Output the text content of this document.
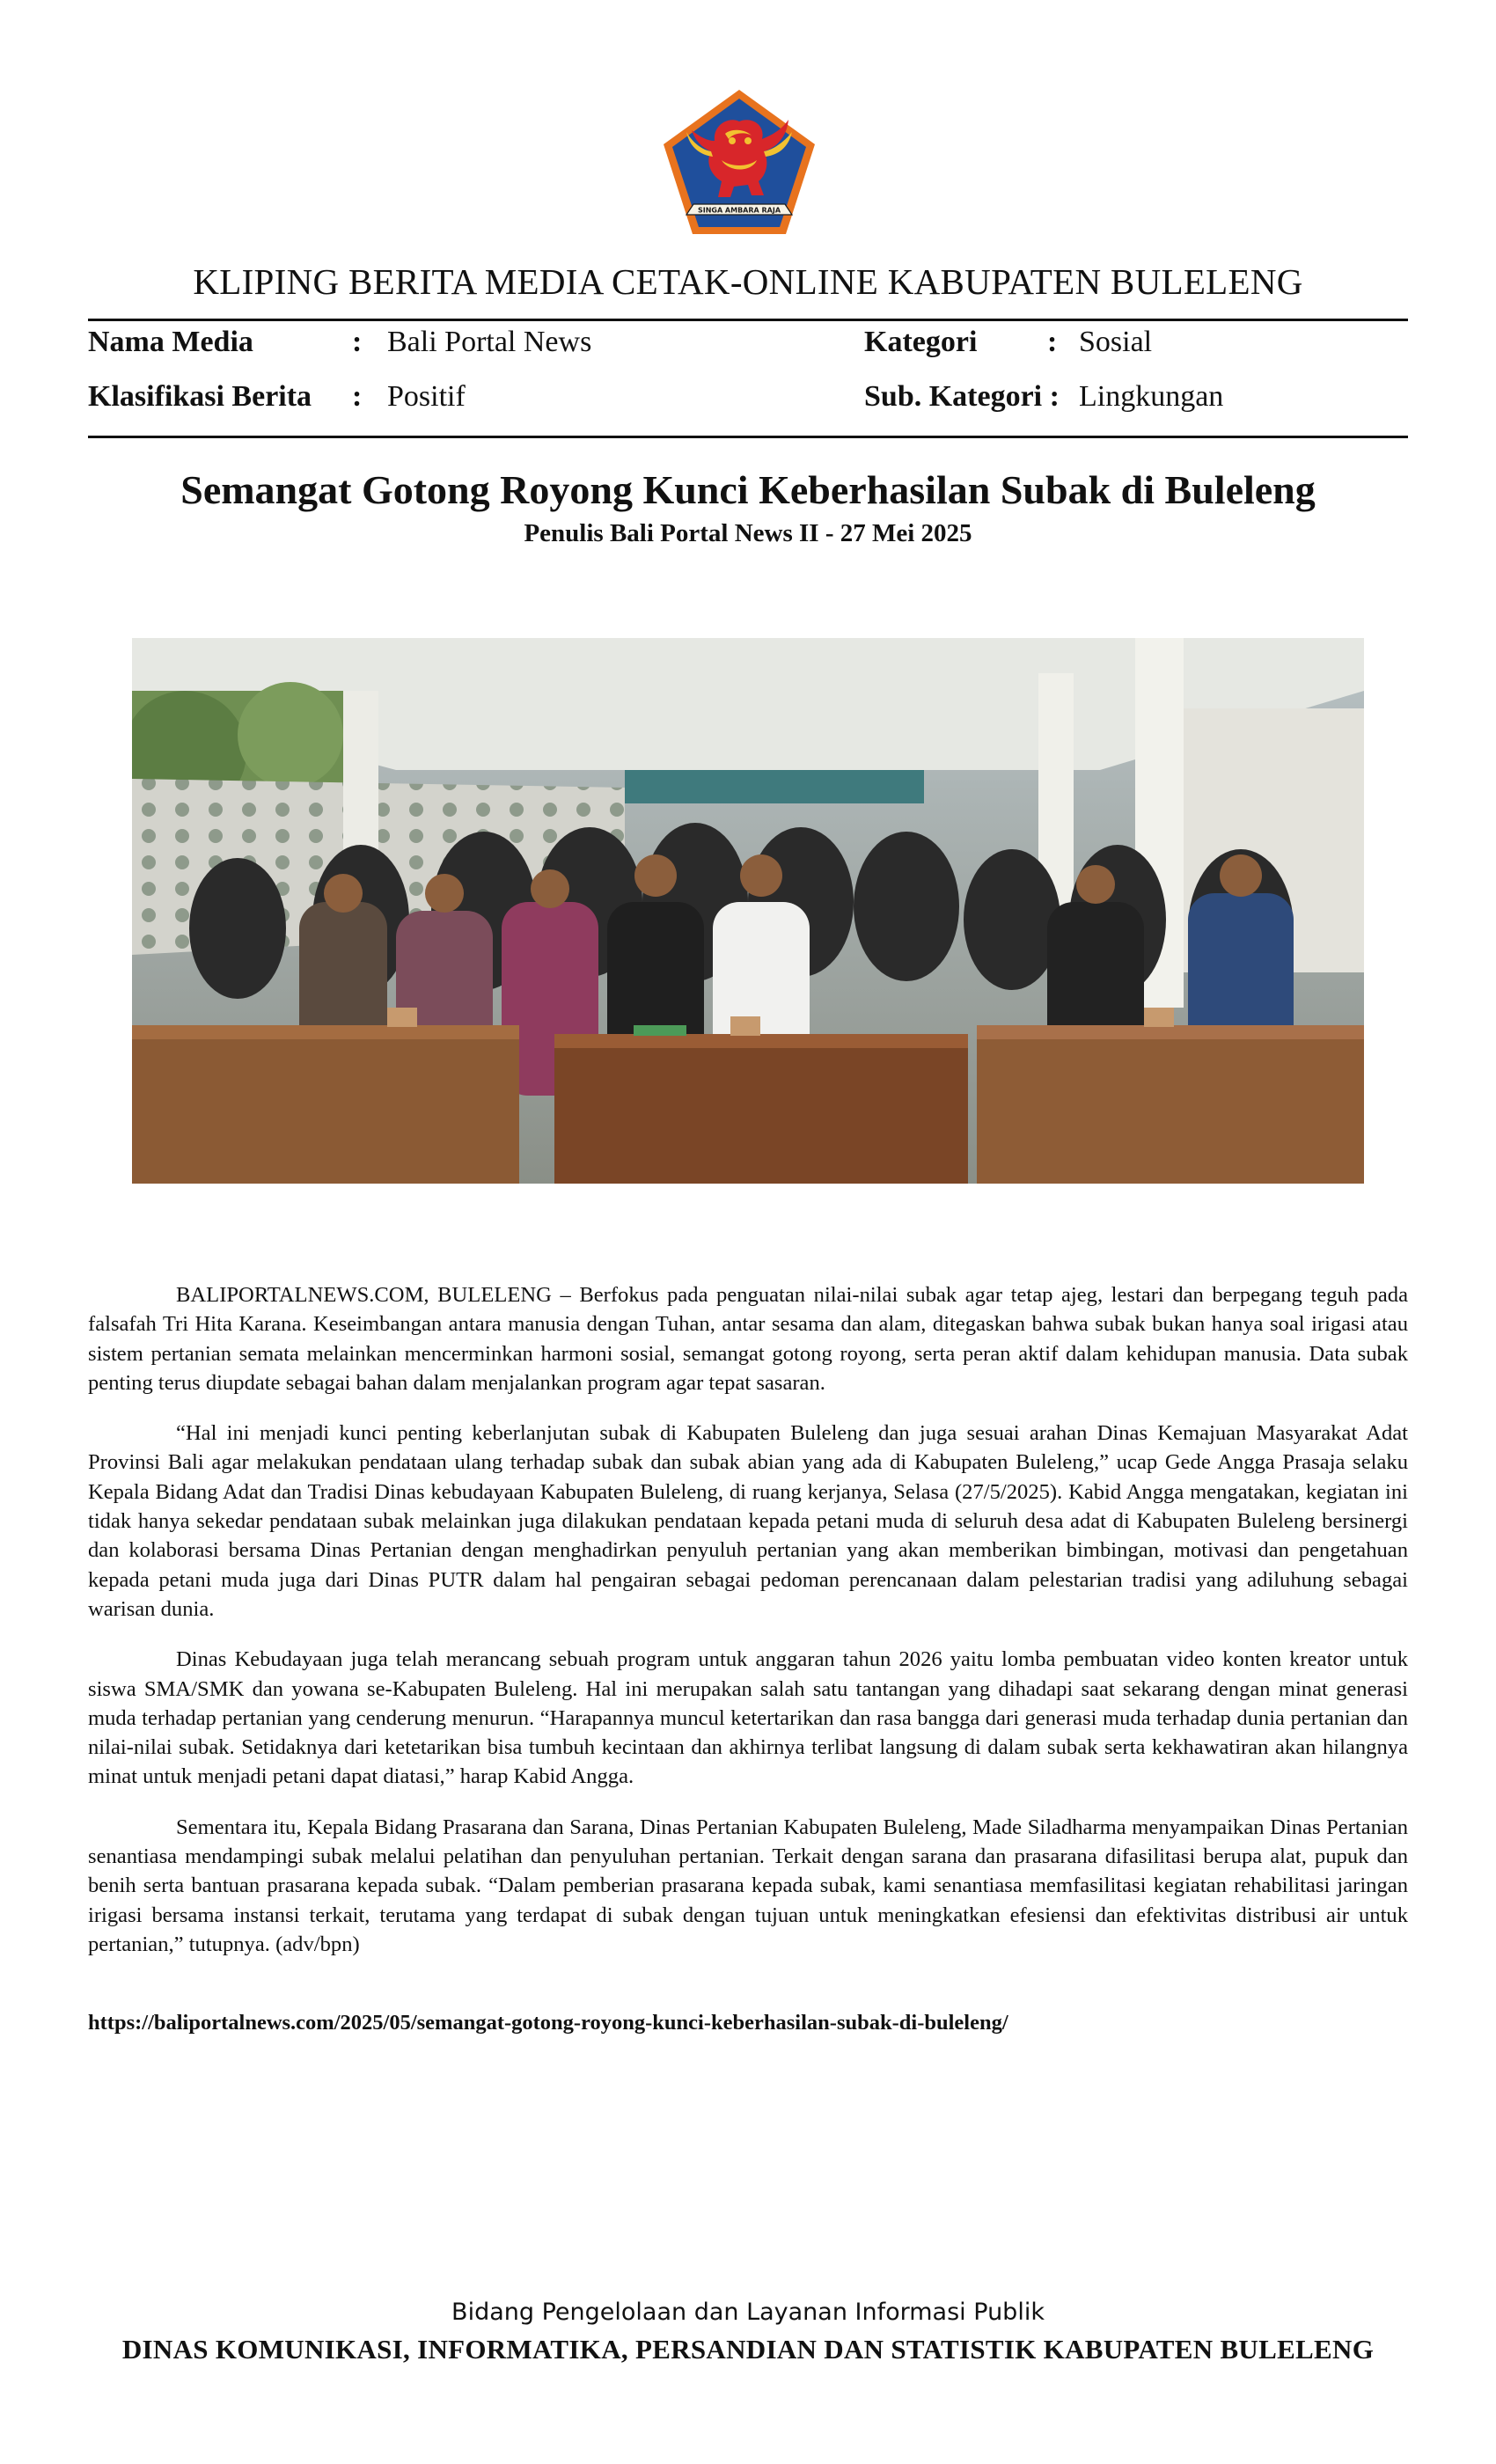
SINGA AMBARA RAJA
KLIPING BERITA MEDIA CETAK-ONLINE KABUPATEN BULELENG
Nama Media	: Bali Portal News	Kategori : Sosial
Klasifikasi Berita : Positif	Sub. Kategori : Lingkungan
Semangat Gotong Royong Kunci Keberhasilan Subak di Buleleng
Penulis Bali Portal News II - 27 Mei 2025

BALIPORTALNEWS.COM, BULELENG – Berfokus pada penguatan nilai-nilai subak agar tetap ajeg, lestari dan berpegang teguh pada falsafah Tri Hita Karana. Keseimbangan antara manusia dengan Tuhan, antar sesama dan alam, ditegaskan bahwa subak bukan hanya soal irigasi atau sistem pertanian semata melainkan mencerminkan harmoni sosial, semangat gotong royong, serta peran aktif dalam kehidupan manusia. Data subak penting terus diupdate sebagai bahan dalam menjalankan program agar tepat sasaran.

“Hal ini menjadi kunci penting keberlanjutan subak di Kabupaten Buleleng dan juga sesuai arahan Dinas Kemajuan Masyarakat Adat Provinsi Bali agar melakukan pendataan ulang terhadap subak dan subak abian yang ada di Kabupaten Buleleng,” ucap Gede Angga Prasaja selaku Kepala Bidang Adat dan Tradisi Dinas kebudayaan Kabupaten Buleleng, di ruang kerjanya, Selasa (27/5/2025). Kabid Angga mengatakan, kegiatan ini tidak hanya sekedar pendataan subak melainkan juga dilakukan pendataan kepada petani muda di seluruh desa adat di Kabupaten Buleleng bersinergi dan kolaborasi bersama Dinas Pertanian dengan menghadirkan penyuluh pertanian yang akan memberikan bimbingan, motivasi dan pengetahuan kepada petani muda juga dari Dinas PUTR dalam hal pengairan sebagai pedoman perencanaan dalam pelestarian tradisi yang adiluhung sebagai warisan dunia.

Dinas Kebudayaan juga telah merancang sebuah program untuk anggaran tahun 2026 yaitu lomba pembuatan video konten kreator untuk siswa SMA/SMK dan yowana se-Kabupaten Buleleng. Hal ini merupakan salah satu tantangan yang dihadapi saat sekarang dengan minat generasi muda terhadap pertanian yang cenderung menurun. “Harapannya muncul ketertarikan dan rasa bangga dari generasi muda terhadap dunia pertanian dan nilai-nilai subak. Setidaknya dari ketetarikan bisa tumbuh kecintaan dan akhirnya terlibat langsung di dalam subak serta kekhawatiran akan hilangnya minat untuk menjadi petani dapat diatasi,” harap Kabid Angga.

Sementara itu, Kepala Bidang Prasarana dan Sarana, Dinas Pertanian Kabupaten Buleleng, Made Siladharma menyampaikan Dinas Pertanian senantiasa mendampingi subak melalui pelatihan dan penyuluhan pertanian. Terkait dengan sarana dan prasarana difasilitasi berupa alat, pupuk dan benih serta bantuan prasarana kepada subak. “Dalam pemberian prasarana kepada subak, kami senantiasa memfasilitasi kegiatan rehabilitasi jaringan irigasi bersama instansi terkait, terutama yang terdapat di subak dengan tujuan untuk meningkatkan efesiensi dan efektivitas distribusi air untuk pertanian,” tutupnya. (adv/bpn)

https://baliportalnews.com/2025/05/semangat-gotong-royong-kunci-keberhasilan-subak-di-buleleng/
Bidang Pengelolaan dan Layanan Informasi Publik
DINAS KOMUNIKASI, INFORMATIKA, PERSANDIAN DAN STATISTIK KABUPATEN BULELENG
